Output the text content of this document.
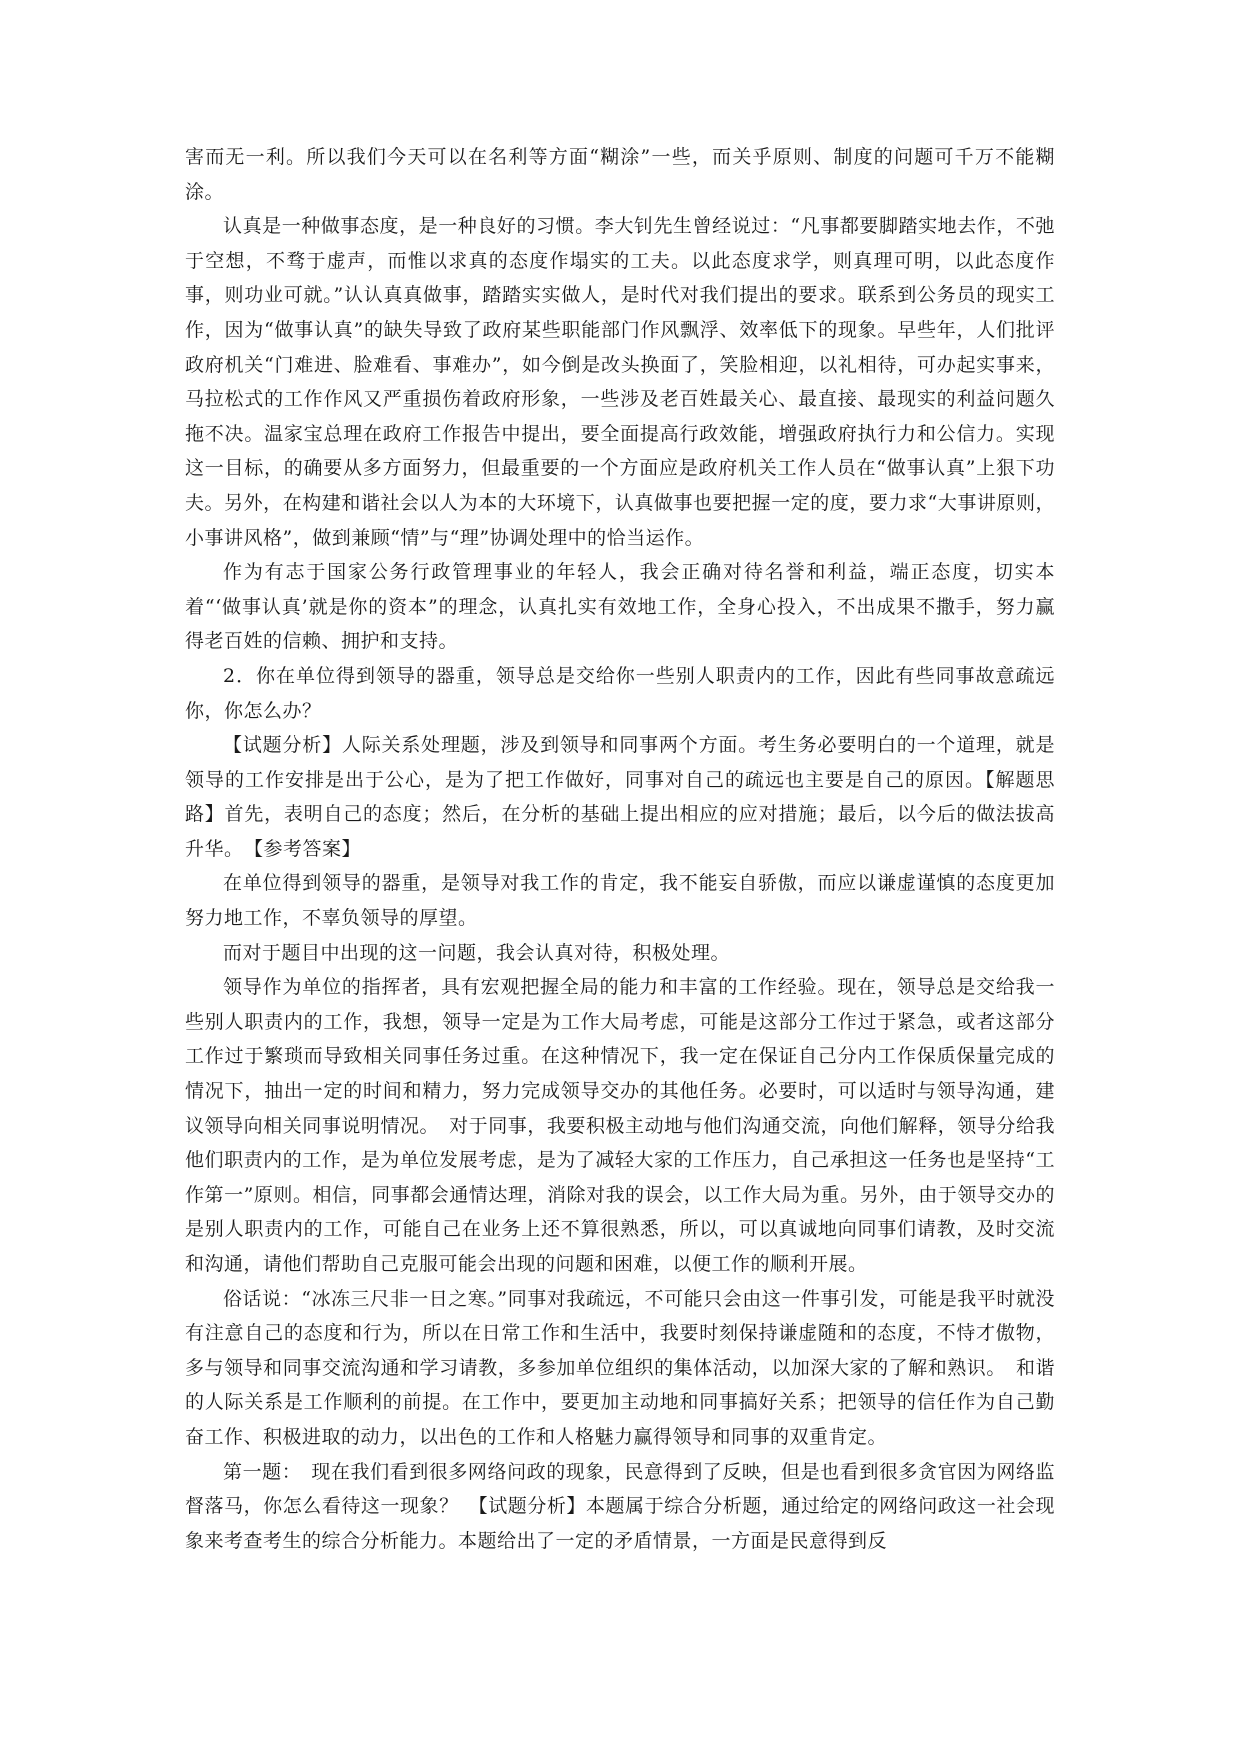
害而无一利。所以我们今天可以在名利等方面“糊涂”一些，而关乎原则、制度的问题可千万不能糊涂。

认真是一种做事态度，是一种良好的习惯。李大钊先生曾经说过：“凡事都要脚踏实地去作，不弛于空想，不骛于虚声，而惟以求真的态度作塌实的工夫。以此态度求学，则真理可明，以此态度作事，则功业可就。”认认真真做事，踏踏实实做人，是时代对我们提出的要求。联系到公务员的现实工作，因为“做事认真”的缺失导致了政府某些职能部门作风飘浮、效率低下的现象。早些年，人们批评政府机关“门难进、脸难看、事难办”，如今倒是改头换面了，笑脸相迎，以礼相待，可办起实事来，马拉松式的工作作风又严重损伤着政府形象，一些涉及老百姓最关心、最直接、最现实的利益问题久拖不决。温家宝总理在政府工作报告中提出，要全面提高行政效能，增强政府执行力和公信力。实现这一目标，的确要从多方面努力，但最重要的一个方面应是政府机关工作人员在“做事认真”上狠下功夫。另外，在构建和谐社会以人为本的大环境下，认真做事也要把握一定的度，要力求“大事讲原则，小事讲风格”，做到兼顾“情”与“理”协调处理中的恰当运作。

作为有志于国家公务行政管理事业的年轻人，我会正确对待名誉和利益，端正态度，切实本着“‘做事认真’就是你的资本”的理念，认真扎实有效地工作，全身心投入，不出成果不撒手，努力赢得老百姓的信赖、拥护和支持。

2．你在单位得到领导的器重，领导总是交给你一些别人职责内的工作，因此有些同事故意疏远你，你怎么办？

【试题分析】人际关系处理题，涉及到领导和同事两个方面。考生务必要明白的一个道理，就是领导的工作安排是出于公心，是为了把工作做好，同事对自己的疏远也主要是自己的原因。【解题思路】首先，表明自己的态度；然后，在分析的基础上提出相应的应对措施；最后，以今后的做法拔高升华。　【参考答案】

在单位得到领导的器重，是领导对我工作的肯定，我不能妄自骄傲，而应以谦虚谨慎的态度更加努力地工作，不辜负领导的厚望。

而对于题目中出现的这一问题，我会认真对待，积极处理。

领导作为单位的指挥者，具有宏观把握全局的能力和丰富的工作经验。现在，领导总是交给我一些别人职责内的工作，我想，领导一定是为工作大局考虑，可能是这部分工作过于紧急，或者这部分工作过于繁琐而导致相关同事任务过重。在这种情况下，我一定在保证自己分内工作保质保量完成的情况下，抽出一定的时间和精力，努力完成领导交办的其他任务。必要时，可以适时与领导沟通，建议领导向相关同事说明情况。　对于同事，我要积极主动地与他们沟通交流，向他们解释，领导分给我他们职责内的工作，是为单位发展考虑，是为了减轻大家的工作压力，自己承担这一任务也是坚持“工作第一”原则。相信，同事都会通情达理，消除对我的误会，以工作大局为重。另外，由于领导交办的是别人职责内的工作，可能自己在业务上还不算很熟悉，所以，可以真诚地向同事们请教，及时交流和沟通，请他们帮助自己克服可能会出现的问题和困难，以便工作的顺利开展。

俗话说：“冰冻三尺非一日之寒。”同事对我疏远，不可能只会由这一件事引发，可能是我平时就没有注意自己的态度和行为，所以在日常工作和生活中，我要时刻保持谦虚随和的态度，不恃才傲物，多与领导和同事交流沟通和学习请教，多参加单位组织的集体活动，以加深大家的了解和熟识。　和谐的人际关系是工作顺利的前提。在工作中，要更加主动地和同事搞好关系；把领导的信任作为自己勤奋工作、积极进取的动力，以出色的工作和人格魅力赢得领导和同事的双重肯定。

第一题：　现在我们看到很多网络问政的现象，民意得到了反映，但是也看到很多贪官因为网络监督落马，你怎么看待这一现象？　【试题分析】本题属于综合分析题，通过给定的网络问政这一社会现象来考查考生的综合分析能力。本题给出了一定的矛盾情景，一方面是民意得到反
